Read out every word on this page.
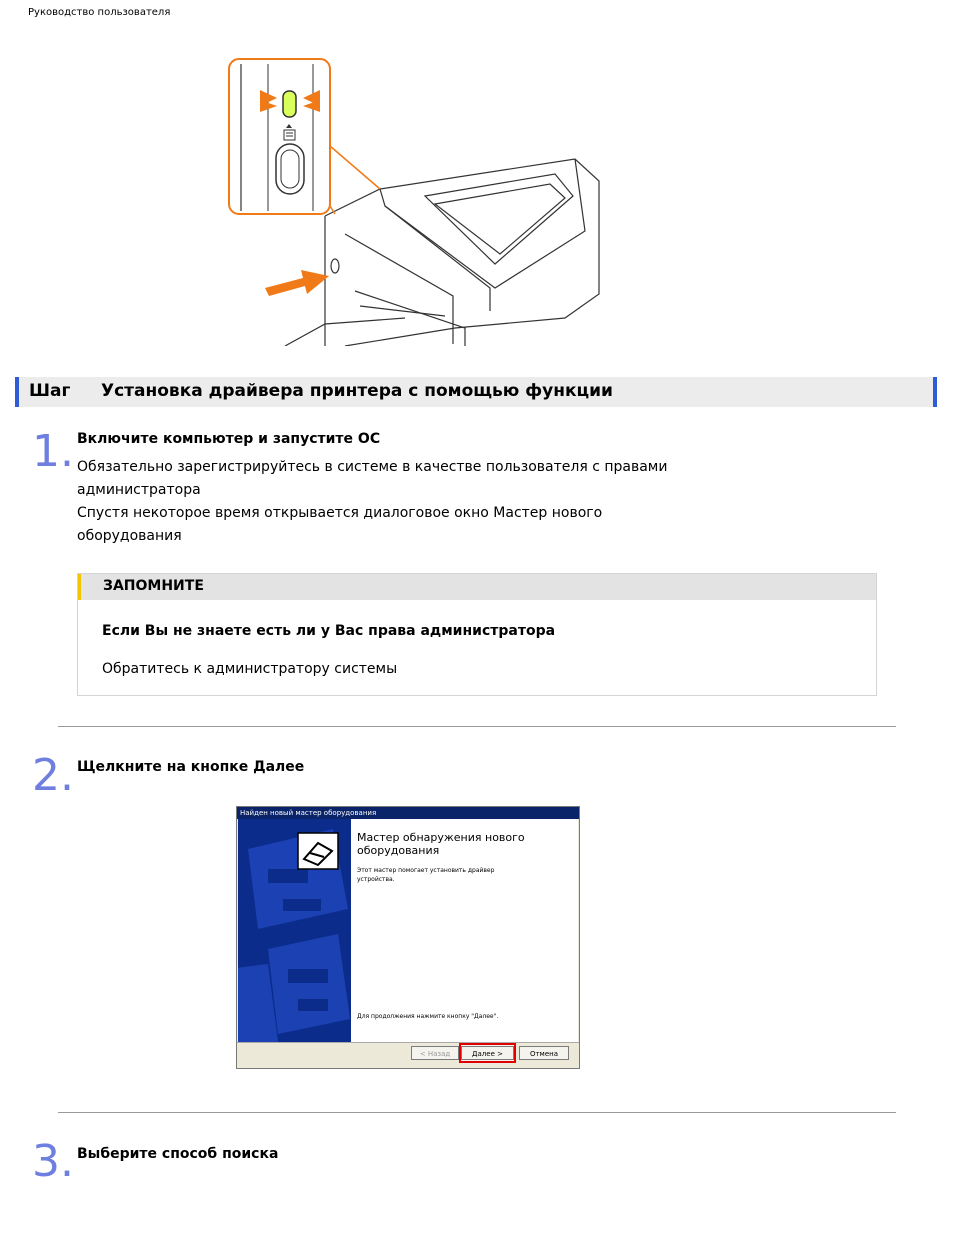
Руководство пользователя
Шаг Установка драйвера принтера с помощью функции
1. Включите компьютер и запустите ОС
Обязательно зарегистрируйтесь в системе в качестве пользователя с правами
администратора
Спустя некоторое время открывается диалоговое окно Мастер нового
оборудования
ЗАПОМНИТЕ
Если Вы не знаете есть ли у Вас права администратора
Обратитесь к администратору системы
2. Щелкните на кнопке Далее
Найден новый мастер оборудования
Мастер обнаружения нового
оборудования
Этот мастер помогает установить драйвер
устройства.
Для продолжения нажмите кнопку "Далее".
< Назад	Далее >	Отмена
3. Выберите способ поиска
